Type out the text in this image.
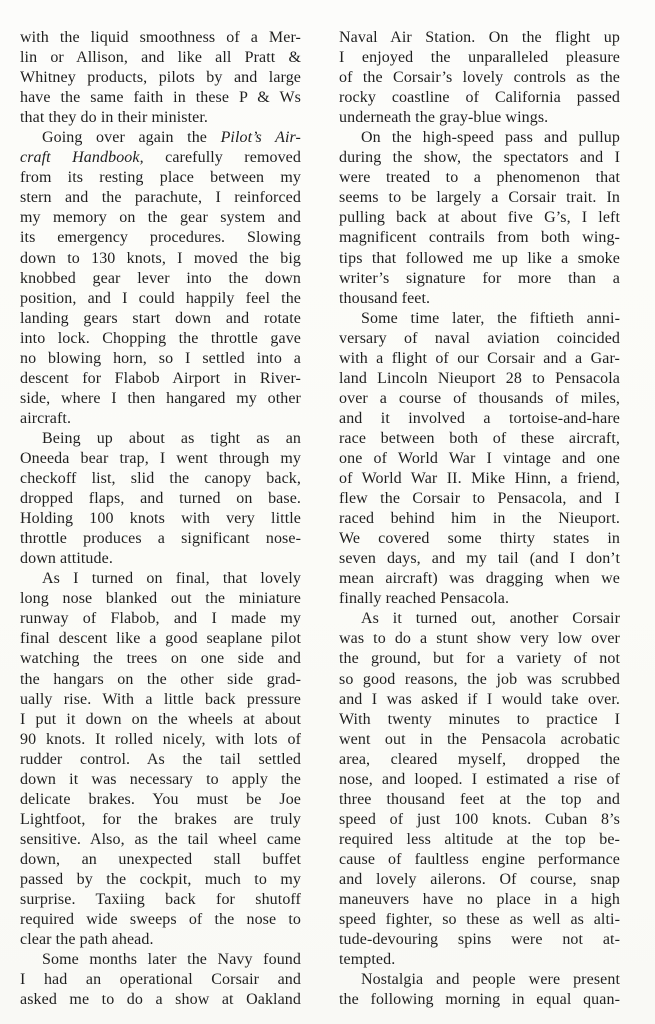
with the liquid smoothness of a Mer-
lin or Allison, and like all Pratt &
Whitney products, pilots by and large
have the same faith in these P & Ws
that they do in their minister.
Going over again the Pilot’s Air-
craft Handbook, carefully removed
from its resting place between my
stern and the parachute, I reinforced
my memory on the gear system and
its emergency procedures. Slowing
down to 130 knots, I moved the big
knobbed gear lever into the down
position, and I could happily feel the
landing gears start down and rotate
into lock. Chopping the throttle gave
no blowing horn, so I settled into a
descent for Flabob Airport in River-
side, where I then hangared my other
aircraft.
Being up about as tight as an
Oneeda bear trap, I went through my
checkoff list, slid the canopy back,
dropped flaps, and turned on base.
Holding 100 knots with very little
throttle produces a significant nose-
down attitude.
As I turned on final, that lovely
long nose blanked out the miniature
runway of Flabob, and I made my
final descent like a good seaplane pilot
watching the trees on one side and
the hangars on the other side grad-
ually rise. With a little back pressure
I put it down on the wheels at about
90 knots. It rolled nicely, with lots of
rudder control. As the tail settled
down it was necessary to apply the
delicate brakes. You must be Joe
Lightfoot, for the brakes are truly
sensitive. Also, as the tail wheel came
down, an unexpected stall buffet
passed by the cockpit, much to my
surprise. Taxiing back for shutoff
required wide sweeps of the nose to
clear the path ahead.
Some months later the Navy found
I had an operational Corsair and
asked me to do a show at Oakland
Naval Air Station. On the flight up
I enjoyed the unparalleled pleasure
of the Corsair’s lovely controls as the
rocky coastline of California passed
underneath the gray-blue wings.
On the high-speed pass and pullup
during the show, the spectators and I
were treated to a phenomenon that
seems to be largely a Corsair trait. In
pulling back at about five G’s, I left
magnificent contrails from both wing-
tips that followed me up like a smoke
writer’s signature for more than a
thousand feet.
Some time later, the fiftieth anni-
versary of naval aviation coincided
with a flight of our Corsair and a Gar-
land Lincoln Nieuport 28 to Pensacola
over a course of thousands of miles,
and it involved a tortoise-and-hare
race between both of these aircraft,
one of World War I vintage and one
of World War II. Mike Hinn, a friend,
flew the Corsair to Pensacola, and I
raced behind him in the Nieuport.
We covered some thirty states in
seven days, and my tail (and I don’t
mean aircraft) was dragging when we
finally reached Pensacola.
As it turned out, another Corsair
was to do a stunt show very low over
the ground, but for a variety of not
so good reasons, the job was scrubbed
and I was asked if I would take over.
With twenty minutes to practice I
went out in the Pensacola acrobatic
area, cleared myself, dropped the
nose, and looped. I estimated a rise of
three thousand feet at the top and
speed of just 100 knots. Cuban 8’s
required less altitude at the top be-
cause of faultless engine performance
and lovely ailerons. Of course, snap
maneuvers have no place in a high
speed fighter, so these as well as alti-
tude-devouring spins were not at-
tempted.
Nostalgia and people were present
the following morning in equal quan-
